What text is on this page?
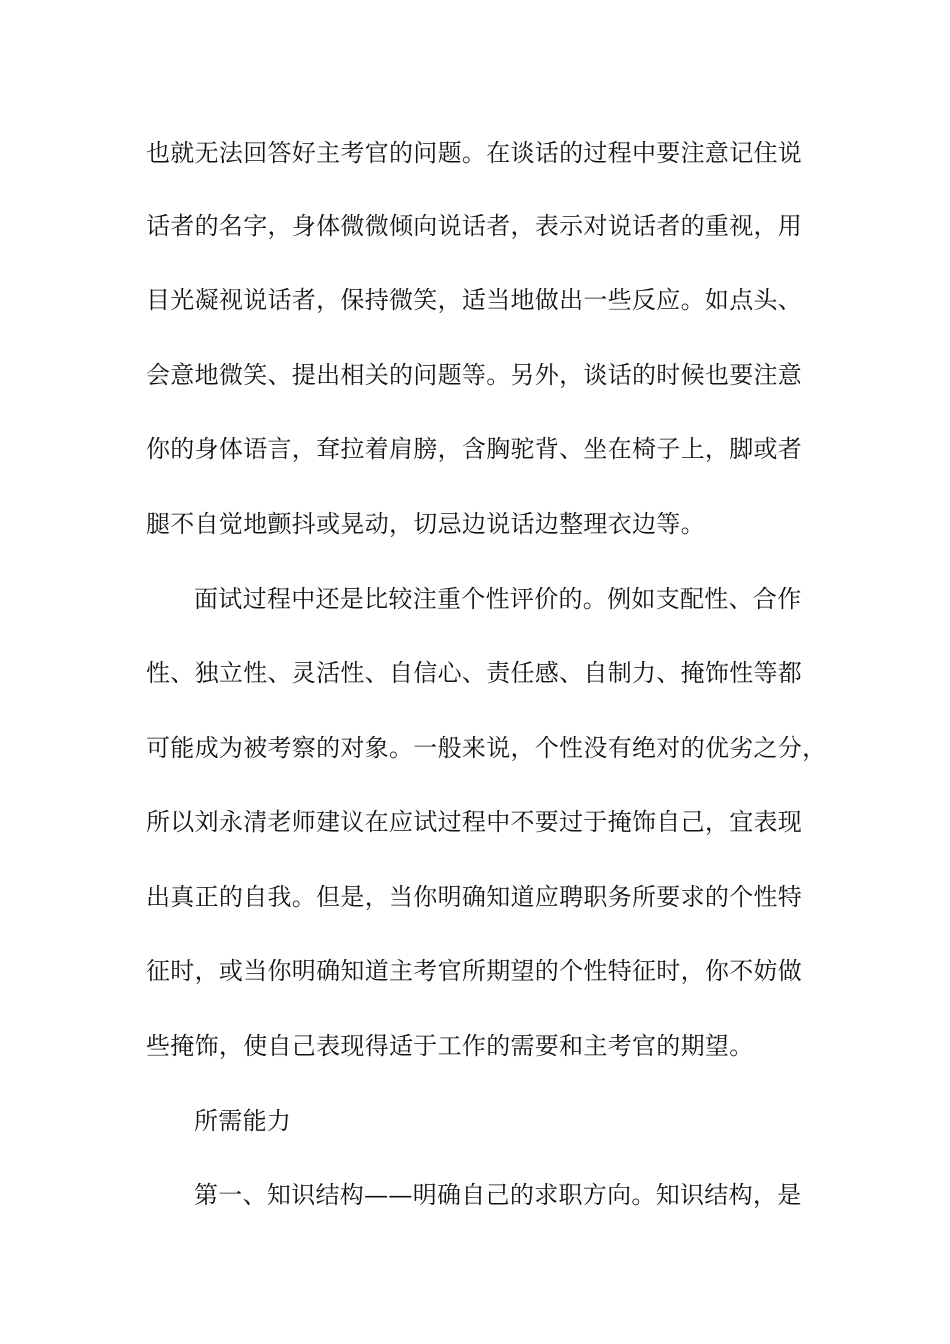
也就无法回答好主考官的问题。在谈话的过程中要注意记住说
话者的名字，身体微微倾向说话者，表示对说话者的重视，用
目光凝视说话者，保持微笑，适当地做出一些反应。如点头、
会意地微笑、提出相关的问题等。另外，谈话的时候也要注意
你的身体语言，耷拉着肩膀，含胸驼背、坐在椅子上，脚或者
腿不自觉地颤抖或晃动，切忌边说话边整理衣边等。
面试过程中还是比较注重个性评价的。例如支配性、合作
性、独立性、灵活性、自信心、责任感、自制力、掩饰性等都
可能成为被考察的对象。一般来说，个性没有绝对的优劣之分，
所以刘永清老师建议在应试过程中不要过于掩饰自己，宜表现
出真正的自我。但是，当你明确知道应聘职务所要求的个性特
征时，或当你明确知道主考官所期望的个性特征时，你不妨做
些掩饰，使自己表现得适于工作的需要和主考官的期望。
所需能力
第一、知识结构——明确自己的求职方向。知识结构，是
